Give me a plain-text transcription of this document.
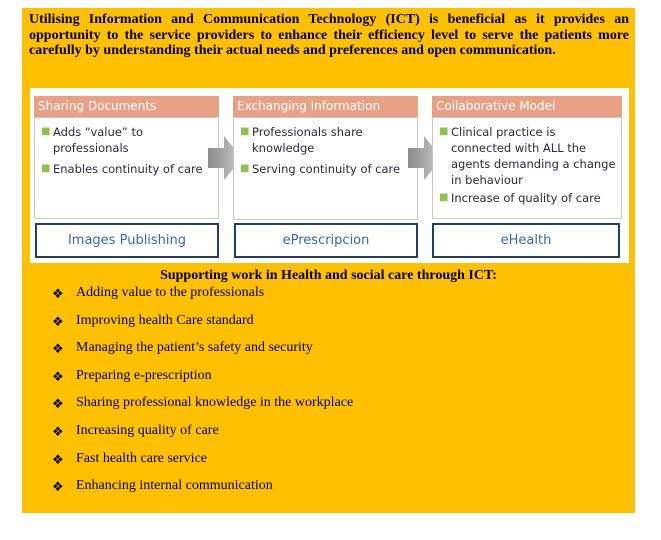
Utilising Information and Communication Technology (ICT) is beneficial as it provides an opportunity to the service providers to enhance their efficiency level to serve the patients more carefully by understanding their actual needs and preferences and open communication.
Sharing Documents
■ Adds “value” to professionals
■ Enables continuity of care
Exchanging Information
■ Professionals share knowledge
■ Serving continuity of care
Collaborative Model
■ Clinical practice is connected with ALL the agents demanding a change in behaviour
■ Increase of quality of care
Images Publishing	ePrescripcion	eHealth
Supporting work in Health and social care through ICT:
❖ Adding value to the professionals
❖ Improving health Care standard
❖ Managing the patient’s safety and security
❖ Preparing e-prescription
❖ Sharing professional knowledge in the workplace
❖ Increasing quality of care
❖ Fast health care service
❖ Enhancing internal communication
